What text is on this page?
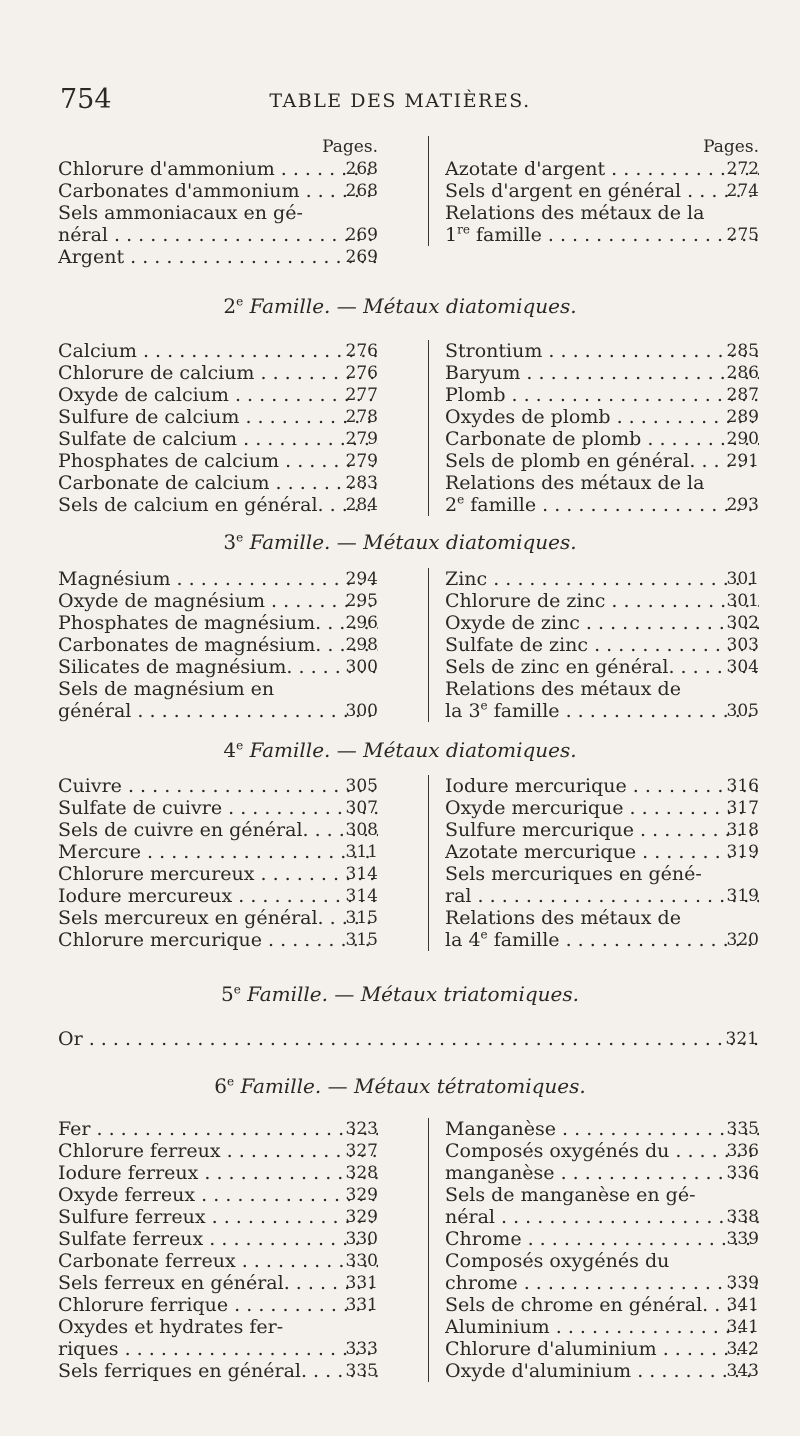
754	TABLE DES MATIÈRES.
Pages.
Chlorure d'ammonium . . .	268
Carbonates d'ammonium . . .	268
Sels ammoniacaux en gé-
néral . . .	269
Argent . . .	269
Pages.
Azotate d'argent . . .	272
Sels d'argent en général . . .	274
Relations des métaux de la
1re famille . . .	275
2e Famille. — Métaux diatomiques.
Calcium . . .	276
Chlorure de calcium . . .	276
Oxyde de calcium . . .	277
Sulfure de calcium . . .	278
Sulfate de calcium . . .	279
Phosphates de calcium . . .	279
Carbonate de calcium . . .	283
Sels de calcium en général. . . .	284
Strontium . . .	285
Baryum . . .	286
Plomb . . .	287
Oxydes de plomb . . .	289
Carbonate de plomb . . .	290
Sels de plomb en général. . . .	291
Relations des métaux de la
2e famille . . .	293
3e Famille. — Métaux diatomiques.
Magnésium . . .	294
Oxyde de magnésium . . .	295
Phosphates de magnésium. . . .	296
Carbonates de magnésium. . . .	298
Silicates de magnésium. . . .	300
Sels de magnésium en
général . . .	300
Zinc . . .	301
Chlorure de zinc . . .	301
Oxyde de zinc . . .	302
Sulfate de zinc . . .	303
Sels de zinc en général. . . .	304
Relations des métaux de
la 3e famille . . .	305
4e Famille. — Métaux diatomiques.
Cuivre . . .	305
Sulfate de cuivre . . .	307
Sels de cuivre en général. . . .	308
Mercure . . .	311
Chlorure mercureux . . .	314
Iodure mercureux . . .	314
Sels mercureux en général. . . .	315
Chlorure mercurique . . .	315
Iodure mercurique . . .	316
Oxyde mercurique . . .	317
Sulfure mercurique . . .	318
Azotate mercurique . . .	319
Sels mercuriques en géné-
ral . . .	319
Relations des métaux de
la 4e famille . . .	320
5e Famille. — Métaux triatomiques.
Or . . .	321
6e Famille. — Métaux tétratomiques.
Fer . . .	323
Chlorure ferreux . . .	327
Iodure ferreux . . .	328
Oxyde ferreux . . .	329
Sulfure ferreux . . .	329
Sulfate ferreux . . .	330
Carbonate ferreux . . .	330
Sels ferreux en général. . . .	331
Chlorure ferrique . . .	331
Oxydes et hydrates fer-
riques . . .	333
Sels ferriques en général. . . .	335
Manganèse . . .	335
Composés oxygénés du . . .	336
manganèse . . .	336
Sels de manganèse en gé-
néral . . .	338
Chrome . . .	339
Composés oxygénés du
chrome . . .	339
Sels de chrome en général. . . .	341
Aluminium . . .	341
Chlorure d'aluminium . . .	342
Oxyde d'aluminium . . .	343
